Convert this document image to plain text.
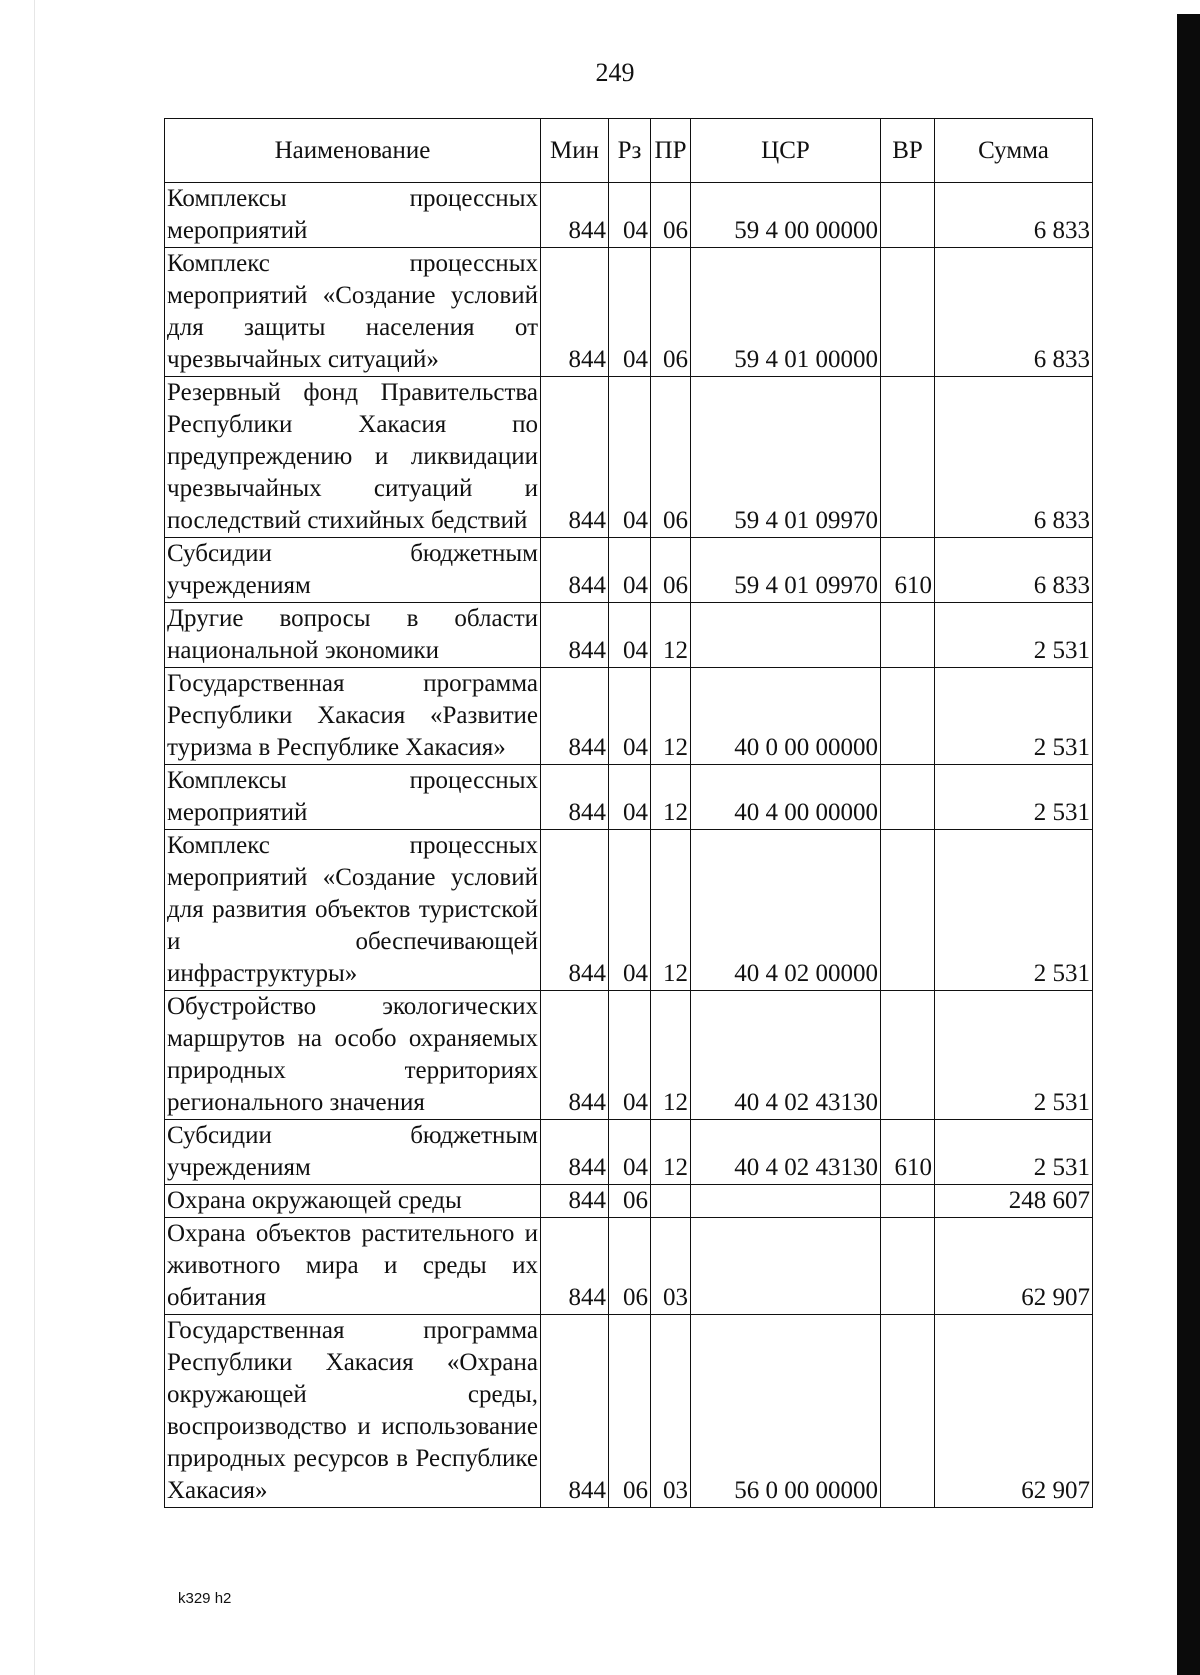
249
Наименование	Мин	Рз	ПР	ЦСР	ВР	Сумма
Комплексы процессных мероприятий	844	04	06	59 4 00 00000		6 833
Комплекс процессных мероприятий «Создание условий для защиты населения от чрезвычайных ситуаций»	844	04	06	59 4 01 00000		6 833
Резервный фонд Правительства Республики Хакасия по предупреждению и ликвидации чрезвычайных ситуаций и последствий стихийных бедствий	844	04	06	59 4 01 09970		6 833
Субсидии бюджетным учреждениям	844	04	06	59 4 01 09970	610	6 833
Другие вопросы в области национальной экономики	844	04	12			2 531
Государственная программа Республики Хакасия «Развитие туризма в Республике Хакасия»	844	04	12	40 0 00 00000		2 531
Комплексы процессных мероприятий	844	04	12	40 4 00 00000		2 531
Комплекс процессных мероприятий «Создание условий для развития объектов туристской и обеспечивающей инфраструктуры»	844	04	12	40 4 02 00000		2 531
Обустройство экологических маршрутов на особо охраняемых природных территориях регионального значения	844	04	12	40 4 02 43130		2 531
Субсидии бюджетным учреждениям	844	04	12	40 4 02 43130	610	2 531
Охрана окружающей среды	844	06				248 607
Охрана объектов растительного и животного мира и среды их обитания	844	06	03			62 907
Государственная программа Республики Хакасия «Охрана окружающей среды, воспроизводство и использование природных ресурсов в Республике Хакасия»	844	06	03	56 0 00 00000		62 907
k329 h2
